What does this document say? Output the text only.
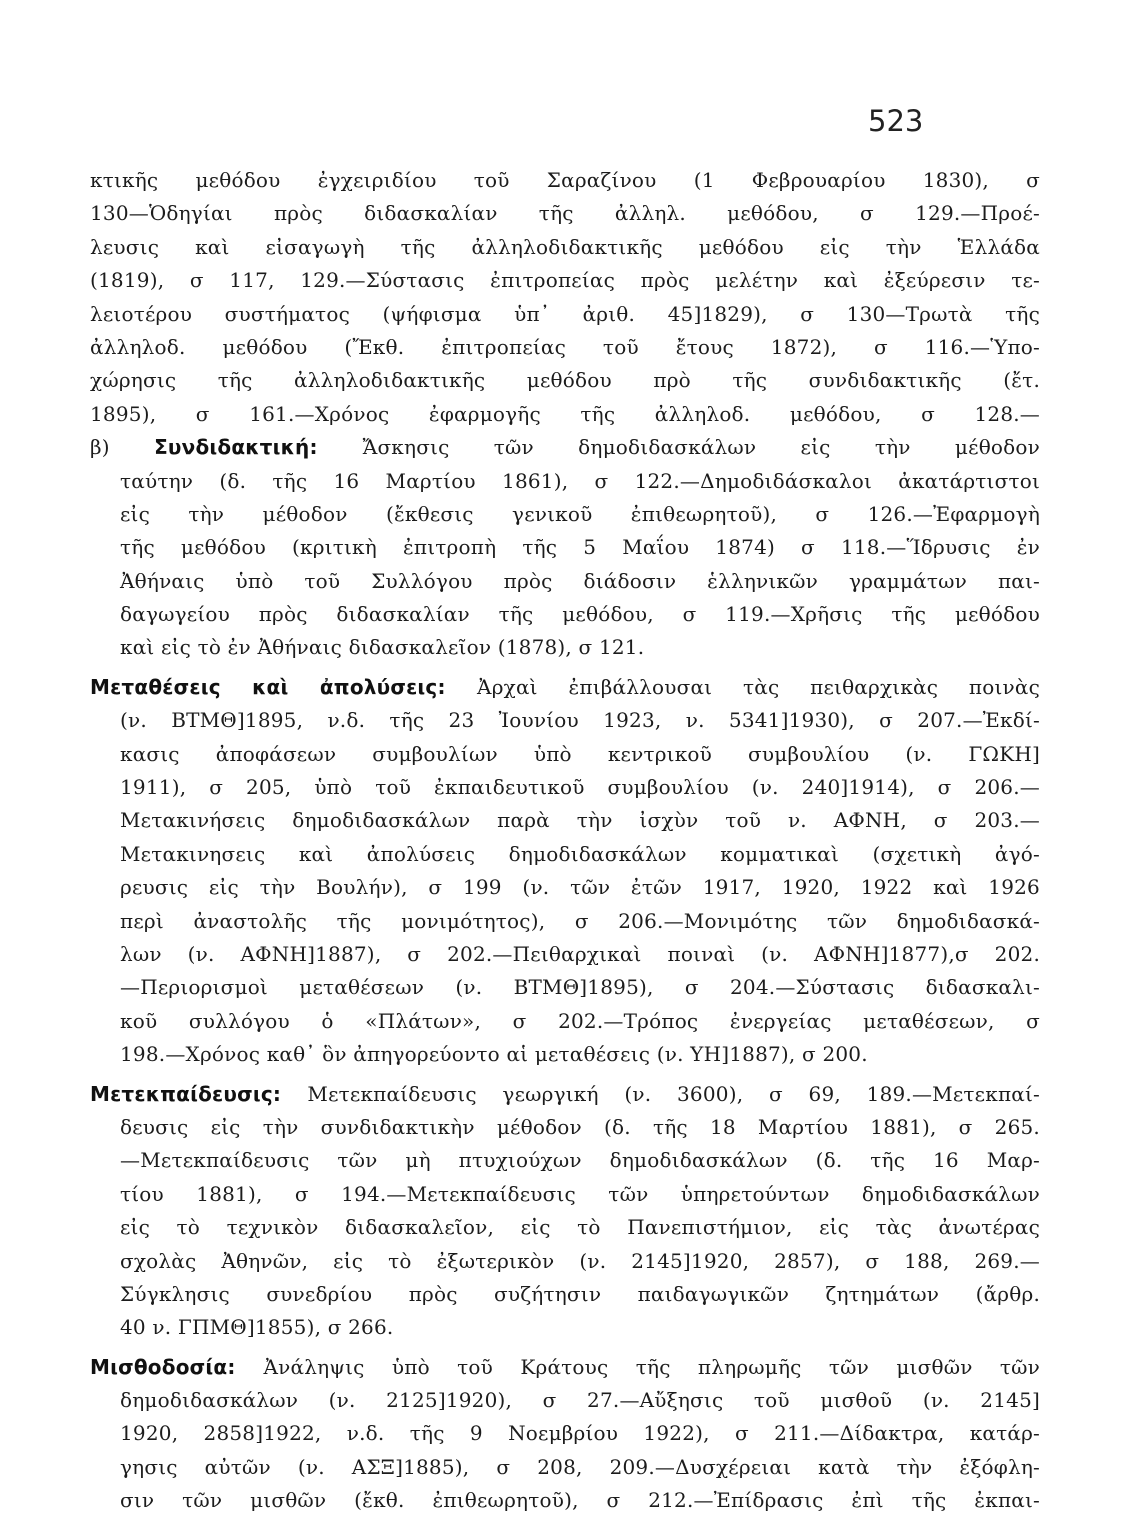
523
κτικῆς μεθόδου ἐγχειριδίου τοῦ Σαραζίνου (1 Φεβρουαρίου 1830), σ
130—Ὁδηγίαι πρὸς διδασκαλίαν τῆς ἀλληλ. μεθόδου, σ 129.—Προέ-
λευσις καὶ εἰσαγωγὴ τῆς ἀλληλοδιδακτικῆς μεθόδου εἰς τὴν Ἑλλάδα
(1819), σ 117, 129.—Σύστασις ἐπιτροπείας πρὸς μελέτην καὶ ἐξεύρεσιν τε-
λειοτέρου συστήματος (ψήφισμα ὑπ᾽ ἀριθ. 45]1829), σ 130—Τρωτὰ τῆς
ἀλληλοδ. μεθόδου (Ἔκθ. ἐπιτροπείας τοῦ ἔτους 1872), σ 116.—Ὑπο-
χώρησις τῆς ἀλληλοδιδακτικῆς μεθόδου πρὸ τῆς συνδιδακτικῆς (ἔτ.
1895), σ 161.—Χρόνος ἐφαρμογῆς τῆς ἀλληλοδ. μεθόδου, σ 128.—
β) Συνδιδακτική: Ἄσκησις τῶν δημοδιδασκάλων εἰς τὴν μέθοδον
ταύτην (δ. τῆς 16 Μαρτίου 1861), σ 122.—Δημοδιδάσκαλοι ἀκατάρτιστοι
εἰς τὴν μέθοδον (ἔκθεσις γενικοῦ ἐπιθεωρητοῦ), σ 126.—Ἐφαρμογὴ
τῆς μεθόδου (κριτικὴ ἐπιτροπὴ τῆς 5 Μαΐου 1874) σ 118.—Ἵδρυσις ἐν
Ἀθήναις ὑπὸ τοῦ Συλλόγου πρὸς διάδοσιν ἑλληνικῶν γραμμάτων παι-
δαγωγείου πρὸς διδασκαλίαν τῆς μεθόδου, σ 119.—Χρῆσις τῆς μεθόδου
καὶ εἰς τὸ ἐν Ἀθήναις διδασκαλεῖον (1878), σ 121.
Μεταθέσεις καὶ ἀπολύσεις: Ἀρχαὶ ἐπιβάλλουσαι τὰς πειθαρχικὰς ποινὰς
(ν. ΒΤΜΘ]1895, ν.δ. τῆς 23 Ἰουνίου 1923, ν. 5341]1930), σ 207.—Ἐκδί-
κασις ἀποφάσεων συμβουλίων ὑπὸ κεντρικοῦ συμβουλίου (ν. ΓΩΚΗ]
1911), σ 205, ὑπὸ τοῦ ἐκπαιδευτικοῦ συμβουλίου (ν. 240]1914), σ 206.—
Μετακινήσεις δημοδιδασκάλων παρὰ τὴν ἰσχὺν τοῦ ν. ΑΦΝΗ, σ 203.—
Μετακινησεις καὶ ἀπολύσεις δημοδιδασκάλων κομματικαὶ (σχετικὴ ἀγό-
ρευσις εἰς τὴν Βουλήν), σ 199 (ν. τῶν ἐτῶν 1917, 1920, 1922 καὶ 1926
περὶ ἀναστολῆς τῆς μονιμότητος), σ 206.—Μονιμότης τῶν δημοδιδασκά-
λων (ν. ΑΦΝΗ]1887), σ 202.—Πειθαρχικαὶ ποιναὶ (ν. ΑΦΝΗ]1877),σ 202.
—Περιορισμοὶ μεταθέσεων (ν. ΒΤΜΘ]1895), σ 204.—Σύστασις διδασκαλι-
κοῦ συλλόγου ὁ «Πλάτων», σ 202.—Τρόπος ἐνεργείας μεταθέσεων, σ
198.—Χρόνος καθ᾽ ὃν ἀπηγορεύοντο αἱ μεταθέσεις (ν. ΥΗ]1887), σ 200.
Μετεκπαίδευσις: Μετεκπαίδευσις γεωργική (ν. 3600), σ 69, 189.—Μετεκπαί-
δευσις εἰς τὴν συνδιδακτικὴν μέθοδον (δ. τῆς 18 Μαρτίου 1881), σ 265.
—Μετεκπαίδευσις τῶν μὴ πτυχιούχων δημοδιδασκάλων (δ. τῆς 16 Μαρ-
τίου 1881), σ 194.—Μετεκπαίδευσις τῶν ὑπηρετούντων δημοδιδασκάλων
εἰς τὸ τεχνικὸν διδασκαλεῖον, εἰς τὸ Πανεπιστήμιον, εἰς τὰς ἀνωτέρας
σχολὰς Ἀθηνῶν, εἰς τὸ ἐξωτερικὸν (ν. 2145]1920, 2857), σ 188, 269.—
Σύγκλησις συνεδρίου πρὸς συζήτησιν παιδαγωγικῶν ζητημάτων (ἄρθρ.
40 ν. ΓΠΜΘ]1855), σ 266.
Μισθοδοσία: Ἀνάληψις ὑπὸ τοῦ Κράτους τῆς πληρωμῆς τῶν μισθῶν τῶν
δημοδιδασκάλων (ν. 2125]1920), σ 27.—Αὔξησις τοῦ μισθοῦ (ν. 2145]
1920, 2858]1922, ν.δ. τῆς 9 Νοεμβρίου 1922), σ 211.—Δίδακτρα, κατάρ-
γησις αὐτῶν (ν. ΑΣΞ]1885), σ 208, 209.—Δυσχέρειαι κατὰ τὴν ἐξόφλη-
σιν τῶν μισθῶν (ἔκθ. ἐπιθεωρητοῦ), σ 212.—Ἐπίδρασις ἐπὶ τῆς ἐκπαι-
